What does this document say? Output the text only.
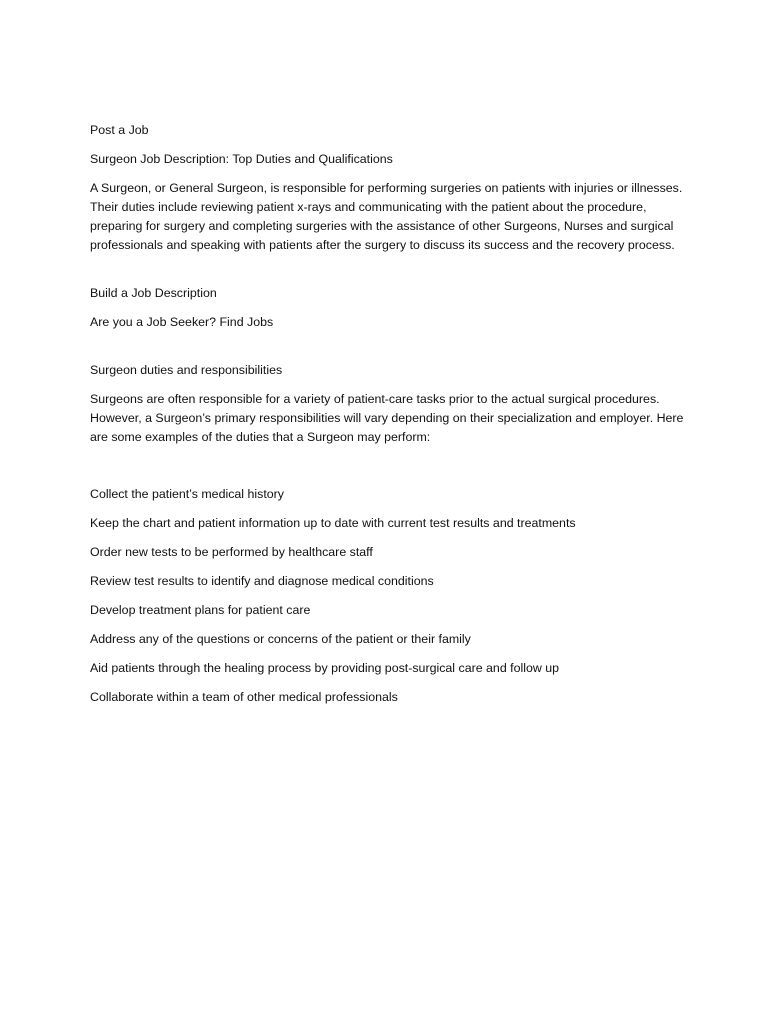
Post a Job

Surgeon Job Description: Top Duties and Qualifications

A Surgeon, or General Surgeon, is responsible for performing surgeries on patients with injuries or illnesses. Their duties include reviewing patient x-rays and communicating with the patient about the procedure, preparing for surgery and completing surgeries with the assistance of other Surgeons, Nurses and surgical professionals and speaking with patients after the surgery to discuss its success and the recovery process.

Build a Job Description

Are you a Job Seeker? Find Jobs

Surgeon duties and responsibilities

Surgeons are often responsible for a variety of patient-care tasks prior to the actual surgical procedures. However, a Surgeon’s primary responsibilities will vary depending on their specialization and employer. Here are some examples of the duties that a Surgeon may perform:

Collect the patient’s medical history

Keep the chart and patient information up to date with current test results and treatments

Order new tests to be performed by healthcare staff

Review test results to identify and diagnose medical conditions

Develop treatment plans for patient care

Address any of the questions or concerns of the patient or their family

Aid patients through the healing process by providing post-surgical care and follow up

Collaborate within a team of other medical professionals
